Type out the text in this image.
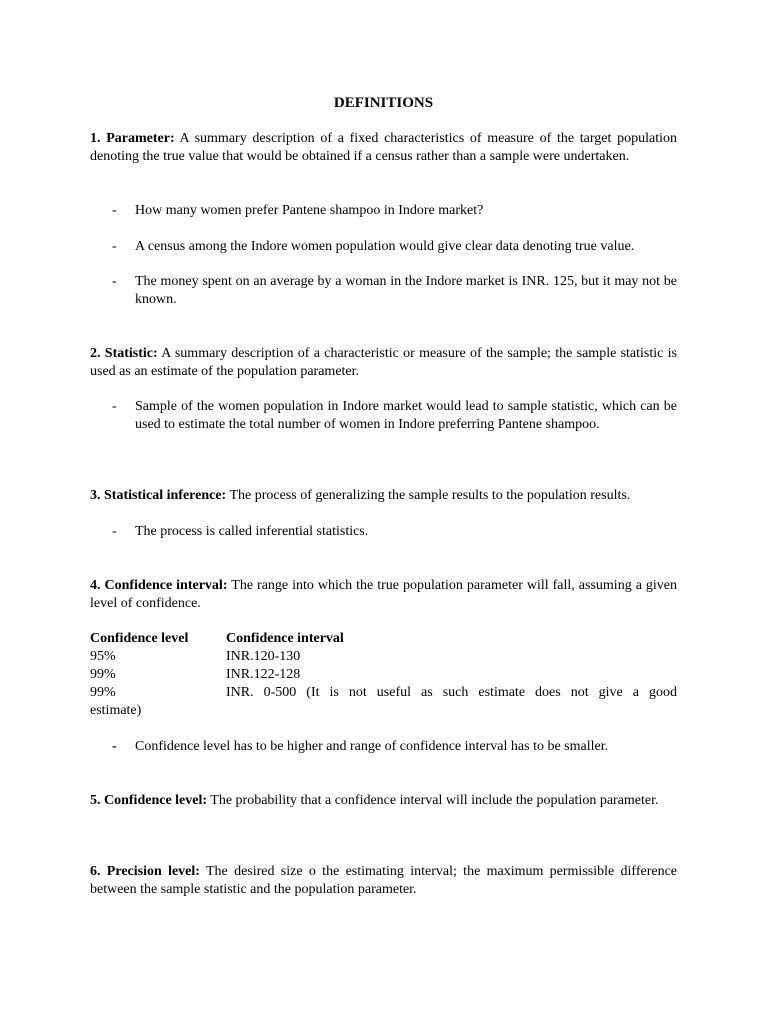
DEFINITIONS
1. Parameter: A summary description of a fixed characteristics of measure of the target population denoting the true value that would be obtained if a census rather than a sample were undertaken.
- How many women prefer Pantene shampoo in Indore market?
- A census among the Indore women population would give clear data denoting true value.
- The money spent on an average by a woman in the Indore market is INR. 125, but it may not be known.
2. Statistic: A summary description of a characteristic or measure of the sample; the sample statistic is used as an estimate of the population parameter.
- Sample of the women population in Indore market would lead to sample statistic, which can be used to estimate the total number of women in Indore preferring Pantene shampoo.
3. Statistical inference: The process of generalizing the sample results to the population results.
- The process is called inferential statistics.
4. Confidence interval: The range into which the true population parameter will fall, assuming a given level of confidence.
Confidence level	Confidence interval
95%	INR.120-130
99%	INR.122-128
99%	INR. 0-500 (It is not useful as such estimate does not give a good
estimate)
- Confidence level has to be higher and range of confidence interval has to be smaller.
5. Confidence level: The probability that a confidence interval will include the population parameter.
6. Precision level: The desired size o the estimating interval; the maximum permissible difference between the sample statistic and the population parameter.
